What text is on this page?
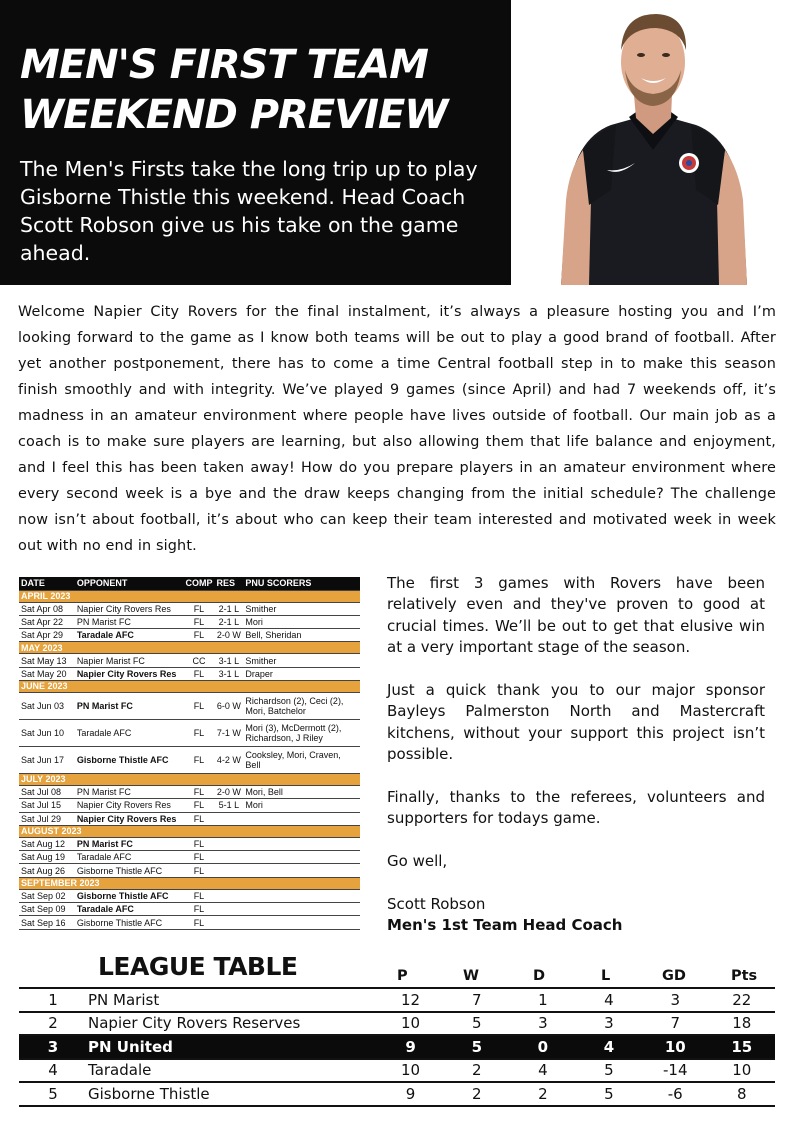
MEN'S FIRST TEAM
WEEKEND PREVIEW

The Men's Firsts take the long trip up to play Gisborne Thistle this weekend. Head Coach Scott Robson give us his take on the game ahead.

Welcome Napier City Rovers for the final instalment, it’s always a pleasure hosting you and I’m looking forward to the game as I know both teams will be out to play a good brand of football. After yet another postponement, there has to come a time Central football step in to make this season finish smoothly and with integrity. We’ve played 9 games (since April) and had 7 weekends off, it’s madness in an amateur environment where people have lives outside of football. Our main job as a coach is to make sure players are learning, but also allowing them that life balance and enjoyment, and I feel this has been taken away! How do you prepare players in an amateur environment where every second week is a bye and the draw keeps changing from the initial schedule? The challenge now isn’t about football, it’s about who can keep their team interested and motivated week in week out with no end in sight.

DATE	OPPONENT	COMP	RES	PNU SCORERS
APRIL 2023				
Sat Apr 08	Napier City Rovers Res	FL	2-1 L	Smither
Sat Apr 22	PN Marist FC	FL	2-1 L	Mori
Sat Apr 29	Taradale AFC	FL	2-0 W	Bell, Sheridan
MAY 2023				
Sat May 13	Napier Marist FC	CC	3-1 L	Smither
Sat May 20	Napier City Rovers Res	FL	3-1 L	Draper
JUNE 2023				
Sat Jun 03	PN Marist FC	FL	6-0 W	Richardson (2), Ceci (2), Mori, Batchelor
Sat Jun 10	Taradale AFC	FL	7-1 W	Mori (3), McDermott (2), Richardson, J Riley
Sat Jun 17	Gisborne Thistle AFC	FL	4-2 W	Cooksley, Mori, Craven, Bell
JULY 2023				
Sat Jul 08	PN Marist FC	FL	2-0 W	Mori, Bell
Sat Jul 15	Napier City Rovers Res	FL	5-1 L	Mori
Sat Jul 29	Napier City Rovers Res	FL		
AUGUST 2023				
Sat Aug 12	PN Marist FC	FL		
Sat Aug 19	Taradale AFC	FL		
Sat Aug 26	Gisborne Thistle AFC	FL		
SEPTEMBER 2023				
Sat Sep 02	Gisborne Thistle AFC	FL		
Sat Sep 09	Taradale AFC	FL		
Sat Sep 16	Gisborne Thistle AFC	FL		

The first 3 games with Rovers have been relatively even and they've proven to good at crucial times. We’ll be out to get that elusive win at a very important stage of the season.

Just a quick thank you to our major sponsor Bayleys Palmerston North and Mastercraft kitchens, without your support this project isn’t possible.

Finally, thanks to the referees, volunteers and supporters for todays game.

Go well,

Scott Robson

Men's 1st Team Head Coach

LEAGUE TABLE	P	W	D	L	GD	Pts
1	PN Marist	12	7	1	4	3	22
2	Napier City Rovers Reserves	10	5	3	3	7	18
3	PN United	9	5	0	4	10	15
4	Taradale	10	2	4	5	-14	10
5	Gisborne Thistle	9	2	2	5	-6	8
